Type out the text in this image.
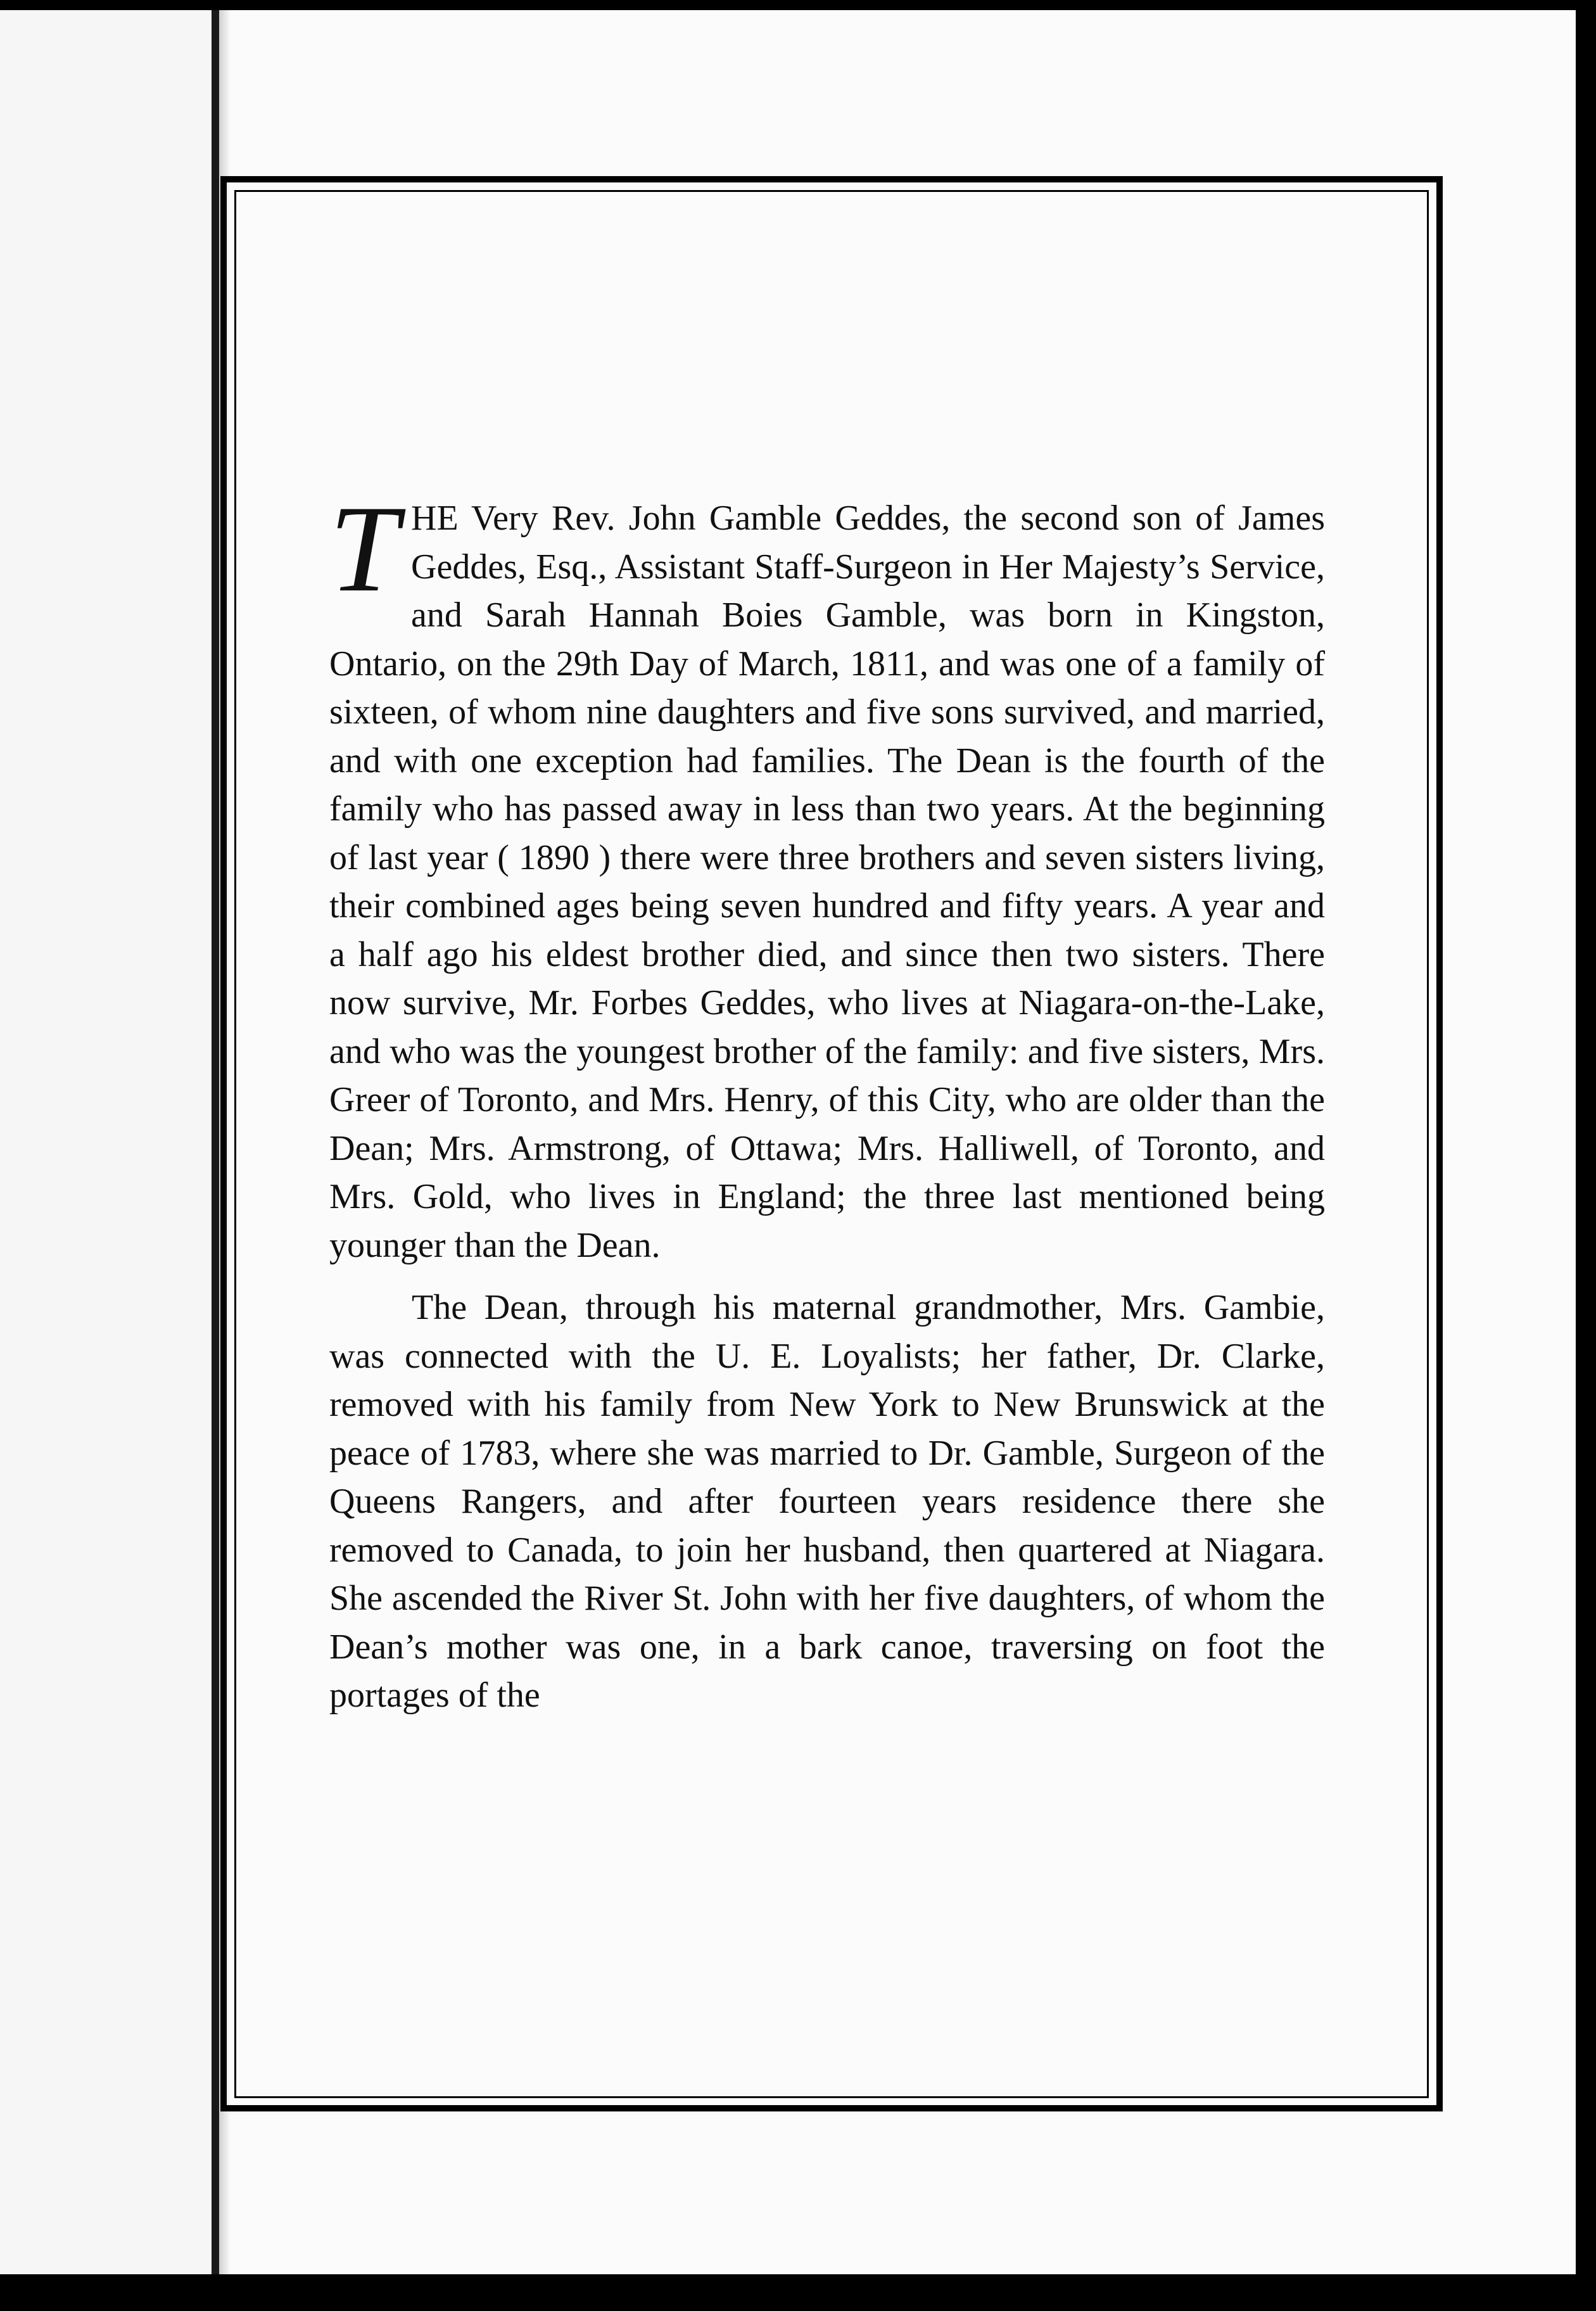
THE Very Rev. John Gamble Geddes, the second son of James Geddes, Esq., Assistant Staff-Surgeon in Her Majesty’s Service, and Sarah Hannah Boies Gamble, was born in Kingston, Ontario, on the 29th Day of March, 1811, and was one of a family of sixteen, of whom nine daughters and five sons survived, and married, and with one exception had families. The Dean is the fourth of the family who has passed away in less than two years. At the beginning of last year ( 1890 ) there were three brothers and seven sisters living, their combined ages being seven hundred and fifty years. A year and a half ago his eldest brother died, and since then two sisters. There now survive, Mr. Forbes Geddes, who lives at Niagara-on-the-Lake, and who was the youngest brother of the family: and five sisters, Mrs. Greer of Toronto, and Mrs. Henry, of this City, who are older than the Dean; Mrs. Armstrong, of Ottawa; Mrs. Halliwell, of Toronto, and Mrs. Gold, who lives in England; the three last mentioned being younger than the Dean.

The Dean, through his maternal grandmother, Mrs. Gambie, was connected with the U. E. Loyalists; her father, Dr. Clarke, removed with his family from New York to New Brunswick at the peace of 1783, where she was married to Dr. Gamble, Surgeon of the Queens Rangers, and after fourteen years residence there she removed to Canada, to join her husband, then quartered at Niagara. She ascended the River St. John with her five daughters, of whom the Dean’s mother was one, in a bark canoe, traversing on foot the portages of the
